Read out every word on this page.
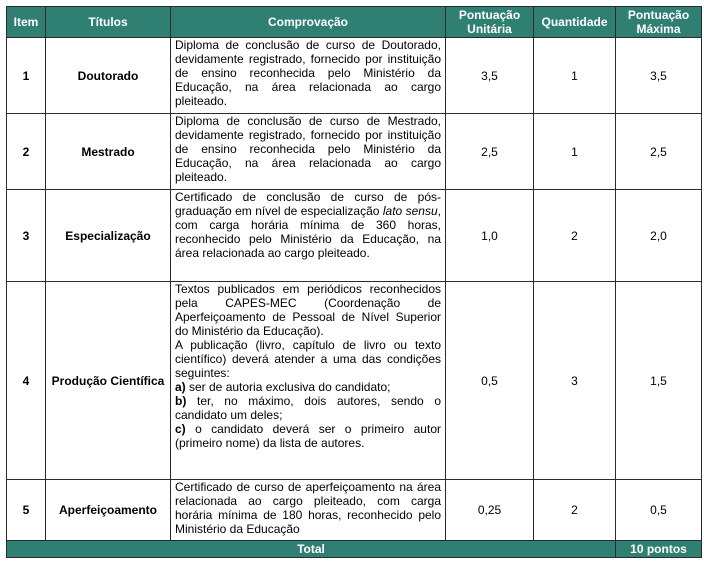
Item	Títulos	Comprovação	Pontuação Unitária	Quantidade	Pontuação Máxima
1	Doutorado	Diploma de conclusão de curso de Doutorado, devidamente registrado, fornecido por instituição de ensino reconhecida pelo Ministério da Educação, na área relacionada ao cargo pleiteado.	3,5	1	3,5
2	Mestrado	Diploma de conclusão de curso de Mestrado, devidamente registrado, fornecido por instituição de ensino reconhecida pelo Ministério da Educação, na área relacionada ao cargo pleiteado.	2,5	1	2,5
3	Especialização	Certificado de conclusão de curso de pós-graduação em nível de especialização lato sensu, com carga horária mínima de 360 horas, reconhecido pelo Ministério da Educação, na área relacionada ao cargo pleiteado.	1,0	2	2,0
4	Produção Científica	Textos publicados em periódicos reconhecidos pela CAPES-MEC (Coordenação de Aperfeiçoamento de Pessoal de Nível Superior do Ministério da Educação).

A publicação (livro, capítulo de livro ou texto científico) deverá atender a uma das condições seguintes:

a) ser de autoria exclusiva do candidato;
b) ter, no máximo, dois autores, sendo o candidato um deles;
c) o candidato deverá ser o primeiro autor (primeiro nome) da lista de autores.	0,5	3	1,5
5	Aperfeiçoamento	Certificado de curso de aperfeiçoamento na área relacionada ao cargo pleiteado, com carga horária mínima de 180 horas, reconhecido pelo Ministério da Educação	0,25	2	0,5
Total					10 pontos
